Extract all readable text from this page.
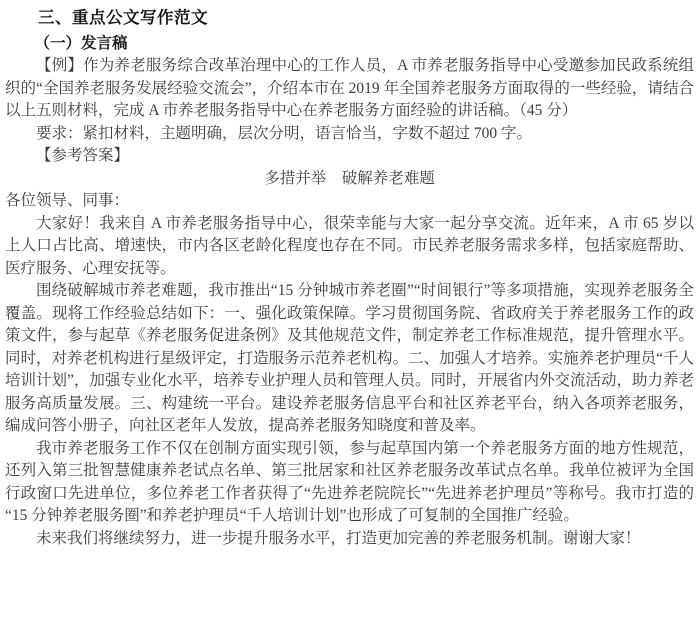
三、重点公文写作范文
（一）发言稿

【例】作为养老服务综合改革治理中心的工作人员，A 市养老服务指导中心受邀参加民政系统组织的“全国养老服务发展经验交流会”，介绍本市在 2019 年全国养老服务方面取得的一些经验，请结合以上五则材料，完成 A 市养老服务指导中心在养老服务方面经验的讲话稿。（45 分）

要求：紧扣材料，主题明确，层次分明，语言恰当，字数不超过 700 字。

【参考答案】

多措并举　破解养老难题

各位领导、同事：

大家好！我来自 A 市养老服务指导中心，很荣幸能与大家一起分享交流。近年来，A 市 65 岁以上人口占比高、增速快，市内各区老龄化程度也存在不同。市民养老服务需求多样，包括家庭帮助、医疗服务、心理安抚等。

围绕破解城市养老难题，我市推出“15 分钟城市养老圈”“时间银行”等多项措施，实现养老服务全覆盖。现将工作经验总结如下：一、强化政策保障。学习贯彻国务院、省政府关于养老服务工作的政策文件，参与起草《养老服务促进条例》及其他规范文件，制定养老工作标准规范，提升管理水平。同时，对养老机构进行星级评定，打造服务示范养老机构。二、加强人才培养。实施养老护理员“千人培训计划”，加强专业化水平，培养专业护理人员和管理人员。同时，开展省内外交流活动，助力养老服务高质量发展。三、构建统一平台。建设养老服务信息平台和社区养老平台，纳入各项养老服务，编成问答小册子，向社区老年人发放，提高养老服务知晓度和普及率。

我市养老服务工作不仅在创制方面实现引领，参与起草国内第一个养老服务方面的地方性规范，还列入第三批智慧健康养老试点名单、第三批居家和社区养老服务改革试点名单。我单位被评为全国行政窗口先进单位，多位养老工作者获得了“先进养老院院长”“先进养老护理员”等称号。我市打造的“15 分钟养老服务圈”和养老护理员“千人培训计划”也形成了可复制的全国推广经验。

未来我们将继续努力，进一步提升服务水平，打造更加完善的养老服务机制。谢谢大家！
